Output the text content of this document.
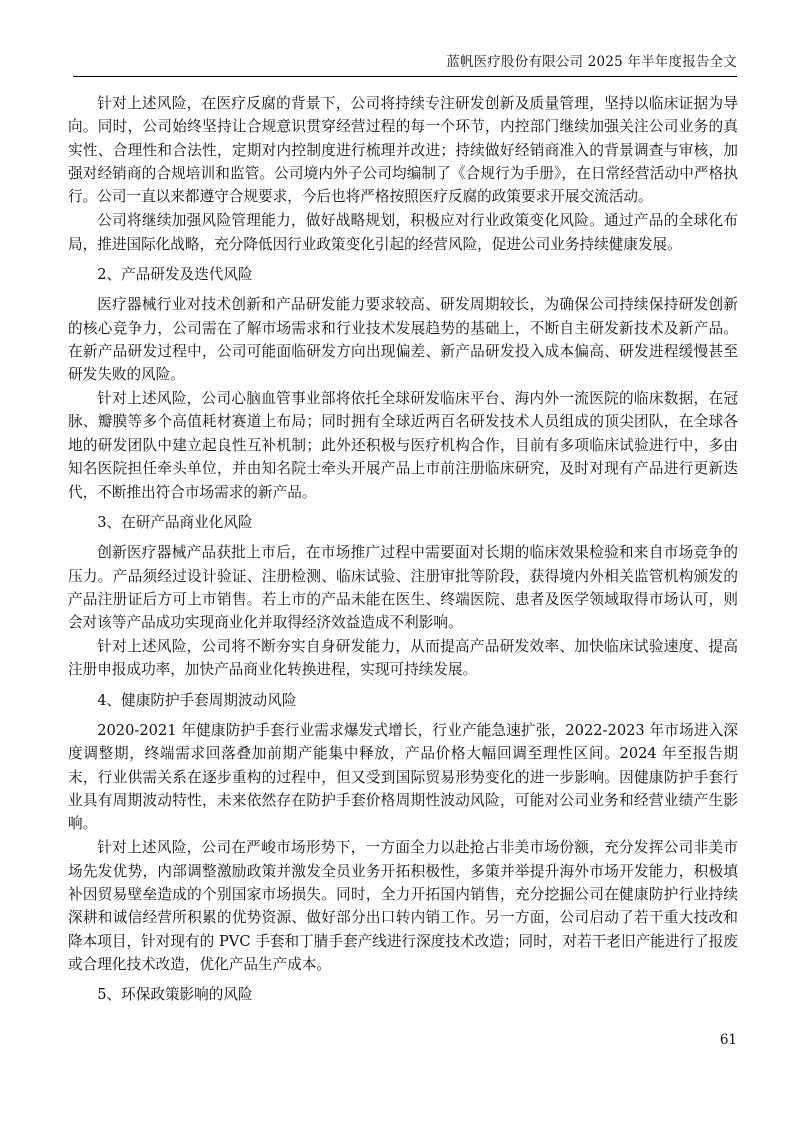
蓝帆医疗股份有限公司 2025 年半年度报告全文

针对上述风险，在医疗反腐的背景下，公司将持续专注研发创新及质量管理，坚持以临床证据为导向。同时，公司始终坚持让合规意识贯穿经营过程的每一个环节，内控部门继续加强关注公司业务的真实性、合理性和合法性，定期对内控制度进行梳理并改进；持续做好经销商准入的背景调查与审核，加强对经销商的合规培训和监管。公司境内外子公司均编制了《合规行为手册》，在日常经营活动中严格执行。公司一直以来都遵守合规要求，今后也将严格按照医疗反腐的政策要求开展交流活动。

公司将继续加强风险管理能力，做好战略规划，积极应对行业政策变化风险。通过产品的全球化布局，推进国际化战略，充分降低因行业政策变化引起的经营风险，促进公司业务持续健康发展。

2、产品研发及迭代风险

医疗器械行业对技术创新和产品研发能力要求较高、研发周期较长，为确保公司持续保持研发创新的核心竞争力，公司需在了解市场需求和行业技术发展趋势的基础上，不断自主研发新技术及新产品。在新产品研发过程中，公司可能面临研发方向出现偏差、新产品研发投入成本偏高、研发进程缓慢甚至研发失败的风险。

针对上述风险，公司心脑血管事业部将依托全球研发临床平台、海内外一流医院的临床数据，在冠脉、瓣膜等多个高值耗材赛道上布局；同时拥有全球近两百名研发技术人员组成的顶尖团队，在全球各地的研发团队中建立起良性互补机制；此外还积极与医疗机构合作，目前有多项临床试验进行中，多由知名医院担任牵头单位，并由知名院士牵头开展产品上市前注册临床研究，及时对现有产品进行更新迭代，不断推出符合市场需求的新产品。

3、在研产品商业化风险

创新医疗器械产品获批上市后，在市场推广过程中需要面对长期的临床效果检验和来自市场竞争的压力。产品须经过设计验证、注册检测、临床试验、注册审批等阶段，获得境内外相关监管机构颁发的产品注册证后方可上市销售。若上市的产品未能在医生、终端医院、患者及医学领域取得市场认可，则会对该等产品成功实现商业化并取得经济效益造成不利影响。

针对上述风险，公司将不断夯实自身研发能力，从而提高产品研发效率、加快临床试验速度、提高注册申报成功率，加快产品商业化转换进程，实现可持续发展。

4、健康防护手套周期波动风险

2020-2021 年健康防护手套行业需求爆发式增长，行业产能急速扩张，2022-2023 年市场进入深度调整期，终端需求回落叠加前期产能集中释放，产品价格大幅回调至理性区间。2024 年至报告期末，行业供需关系在逐步重构的过程中，但又受到国际贸易形势变化的进一步影响。因健康防护手套行业具有周期波动特性，未来依然存在防护手套价格周期性波动风险，可能对公司业务和经营业绩产生影响。

针对上述风险，公司在严峻市场形势下，一方面全力以赴抢占非美市场份额，充分发挥公司非美市场先发优势，内部调整激励政策并激发全员业务开拓积极性，多策并举提升海外市场开发能力，积极填补因贸易壁垒造成的个别国家市场损失。同时，全力开拓国内销售，充分挖掘公司在健康防护行业持续深耕和诚信经营所积累的优势资源、做好部分出口转内销工作。另一方面，公司启动了若干重大技改和降本项目，针对现有的 PVC 手套和丁腈手套产线进行深度技术改造；同时，对若干老旧产能进行了报废或合理化技术改造，优化产品生产成本。

5、环保政策影响的风险

61
